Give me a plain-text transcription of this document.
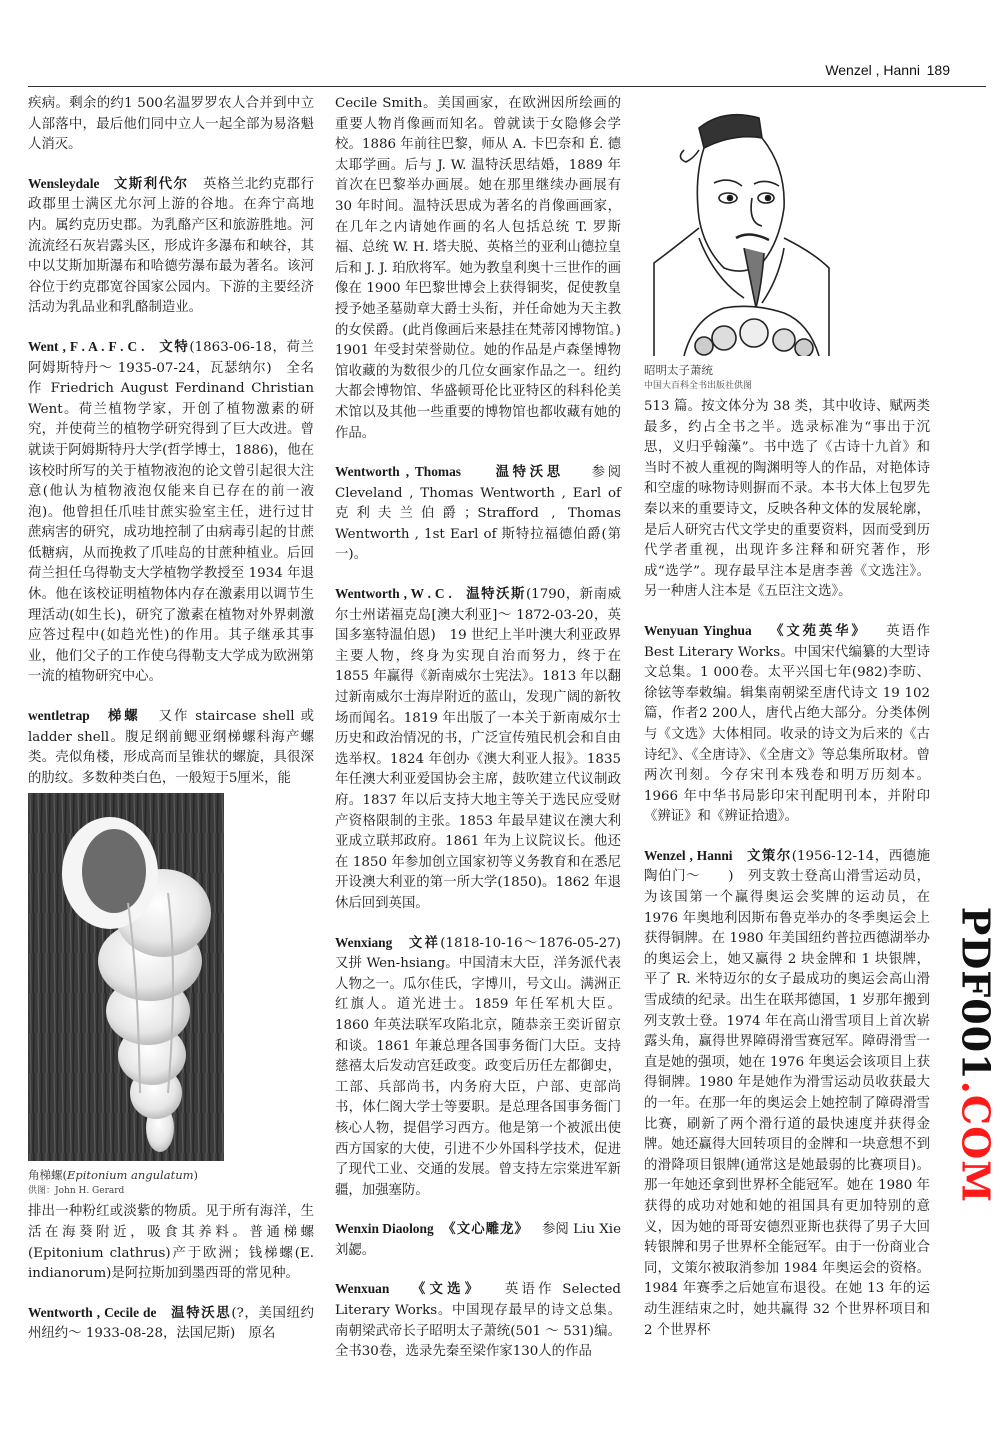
Wenzel , Hanni 189

疾病。剩余的约1 500名温罗罗农人合并到中立人部落中，最后他们同中立人一起全部为易洛魁人消灭。

Wensleydale 文斯利代尔 英格兰北约克郡行政郡里士满区尤尔河上游的谷地。在奔宁高地内。属约克历史郡。为乳酪产区和旅游胜地。河流流经石灰岩露头区，形成许多瀑布和峡谷，其中以艾斯加斯瀑布和哈德劳瀑布最为著名。该河谷位于约克郡宽谷国家公园内。下游的主要经济活动为乳品业和乳酪制造业。

Went , F . A . F . C . 文特(1863-06-18，荷兰阿姆斯特丹～ 1935-07-24，瓦瑟纳尔)　全名作 Friedrich August Ferdinand Christian Went。荷兰植物学家，开创了植物激素的研究，并使荷兰的植物学研究得到了巨大改进。曾就读于阿姆斯特丹大学(哲学博士，1886)，他在该校时所写的关于植物液泡的论文曾引起很大注意(他认为植物液泡仅能来自已存在的前一液泡)。他曾担任爪哇甘蔗实验室主任，进行过甘蔗病害的研究，成功地控制了由病毒引起的甘蔗低糖病，从而挽救了爪哇岛的甘蔗种植业。后回荷兰担任乌得勒支大学植物学教授至 1934 年退休。他在该校证明植物体内存在激素用以调节生理活动(如生长)，研究了激素在植物对外界刺激应答过程中(如趋光性)的作用。其子继承其事业，他们父子的工作使乌得勒支大学成为欧洲第一流的植物研究中心。

wentletrap 梯螺 又作 staircase shell 或 ladder shell。腹足纲前鳃亚纲梯螺科海产螺类。壳似角楼，形成高而呈锥状的螺旋，具很深的肋纹。多数种类白色，一般短于5厘米，能

角梯螺(Epitonium angulatum)
供图：John H. Gerard

排出一种粉红或淡紫的物质。见于所有海洋，生活在海葵附近，吸食其养料。普通梯螺(Epitonium clathrus)产于欧洲；钱梯螺(E. indianorum)是阿拉斯加到墨西哥的常见种。

Wentworth , Cecile de 温特沃思(?，美国纽约州纽约～ 1933-08-28，法国尼斯)　原名

Cecile Smith。美国画家，在欧洲因所绘画的重要人物肖像画而知名。曾就读于女隐修会学校。1886 年前往巴黎，师从 A. 卡巴奈和 É. 德太耶学画。后与 J. W. 温特沃思结婚，1889 年首次在巴黎举办画展。她在那里继续办画展有 30 年时间。温特沃思成为著名的肖像画画家，在几年之内请她作画的名人包括总统 T. 罗斯福、总统 W. H. 塔夫脱、英格兰的亚利山德拉皇后和 J. J. 珀欣将军。她为教皇利奥十三世作的画像在 1900 年巴黎世博会上获得铜奖，促使教皇授予她圣墓勋章大爵士头衔，并任命她为天主教的女侯爵。(此肖像画后来悬挂在梵蒂冈博物馆。) 1901 年受封荣誉勋位。她的作品是卢森堡博物馆收藏的为数很少的几位女画家作品之一。纽约大都会博物馆、华盛顿哥伦比亚特区的科科伦美术馆以及其他一些重要的博物馆也都收藏有她的作品。

Wentworth , Thomas	温特沃思 参阅 Cleveland , Thomas Wentworth , Earl of 克利夫兰伯爵；Strafford , Thomas Wentworth , 1st Earl of 斯特拉福德伯爵(第一)。

Wentworth , W . C . 温特沃斯(1790，新南威尔士州诺福克岛[澳大利亚]～ 1872-03-20，英国多塞特温伯恩)　19 世纪上半叶澳大利亚政界主要人物，终身为实现自治而努力，终于在 1855 年赢得《新南威尔士宪法》。1813 年以翻过新南威尔士海岸附近的蓝山，发现广阔的新牧场而闻名。1819 年出版了一本关于新南威尔士历史和政治情况的书，广泛宣传殖民机会和自由选举权。1824 年创办《澳大利亚人报》。1835 年任澳大利亚爱国协会主席，鼓吹建立代议制政府。1837 年以后支持大地主等关于选民应受财产资格限制的主张。1853 年最早建议在澳大利亚成立联邦政府。1861 年为上议院议长。他还在 1850 年参加创立国家初等义务教育和在悉尼开设澳大利亚的第一所大学(1850)。1862 年退休后回到英国。

Wenxiang 文祥(1818-10-16～1876-05-27)　又拼 Wen-hsiang。中国清末大臣，洋务派代表人物之一。瓜尔佳氏，字博川，号文山。满洲正红旗人。道光进士。1859 年任军机大臣。1860 年英法联军攻陷北京，随恭亲王奕䜣留京和谈。1861 年兼总理各国事务衙门大臣。支持慈禧太后发动宫廷政变。政变后历任左都御史，工部、兵部尚书，内务府大臣，户部、吏部尚书，体仁阁大学士等要职。是总理各国事务衙门核心人物，提倡学习西方。他是第一个被派出使西方国家的大使，引进不少外国科学技术，促进了现代工业、交通的发展。曾支持左宗棠进军新疆，加强塞防。

Wenxin Diaolong 《文心雕龙》 参阅 Liu Xie 刘勰。

Wenxuan 《文选》 英语作 Selected Literary Works。中国现存最早的诗文总集。南朝梁武帝长子昭明太子萧统(501 ～ 531)编。全书30卷，选录先秦至梁作家130人的作品

昭明太子萧统
中国大百科全书出版社供图

513 篇。按文体分为 38 类，其中收诗、赋两类最多，约占全书之半。选录标准为“事出于沉思，义归乎翰藻”。书中选了《古诗十九首》和当时不被人重视的陶渊明等人的作品，对艳体诗和空虚的咏物诗则摒而不录。本书大体上包罗先秦以来的重要诗文，反映各种文体的发展轮廓，是后人研究古代文学史的重要资料，因而受到历代学者重视，出现许多注释和研究著作，形成“选学”。现存最早注本是唐李善《文选注》。另一种唐人注本是《五臣注文选》。

Wenyuan Yinghua 《文苑英华》 英语作 Best Literary Works。中国宋代编纂的大型诗文总集。1 000卷。太平兴国七年(982)李昉、徐铉等奉敕编。辑集南朝梁至唐代诗文 19 102篇，作者2 200人，唐代占绝大部分。分类体例与《文选》大体相同。收录的诗文为后来的《古诗纪》、《全唐诗》、《全唐文》等总集所取材。曾两次刊刻。今存宋刊本残卷和明万历刻本。1966 年中华书局影印宋刊配明刊本，并附印《辨证》和《辨证拾遗》。

Wenzel , Hanni 文策尔(1956-12-14，西德施陶伯门～　　)　列支敦士登高山滑雪运动员，为该国第一个赢得奥运会奖牌的运动员，在 1976 年奥地利因斯布鲁克举办的冬季奥运会上获得铜牌。在 1980 年美国纽约普拉西德湖举办的奥运会上，她又赢得 2 块金牌和 1 块银牌，平了 R. 米特迈尔的女子最成功的奥运会高山滑雪成绩的纪录。出生在联邦德国，1 岁那年搬到列支敦士登。1974 年在高山滑雪项目上首次崭露头角，赢得世界障碍滑雪赛冠军。障碍滑雪一直是她的强项，她在 1976 年奥运会该项目上获得铜牌。1980 年是她作为滑雪运动员收获最大的一年。在那一年的奥运会上她控制了障碍滑雪比赛，刷新了两个滑行道的最快速度并获得金牌。她还赢得大回转项目的金牌和一块意想不到的滑降项目银牌(通常这是她最弱的比赛项目)。那一年她还拿到世界杯全能冠军。她在 1980 年获得的成功对她和她的祖国具有更加特别的意义，因为她的哥哥安德烈亚斯也获得了男子大回转银牌和男子世界杯全能冠军。由于一份商业合同，文策尔被取消参加 1984 年奥运会的资格。1984 年赛季之后她宣布退役。在她 13 年的运动生涯结束之时，她共赢得 32 个世界杯项目和 2 个世界杯

PDF001.COM
